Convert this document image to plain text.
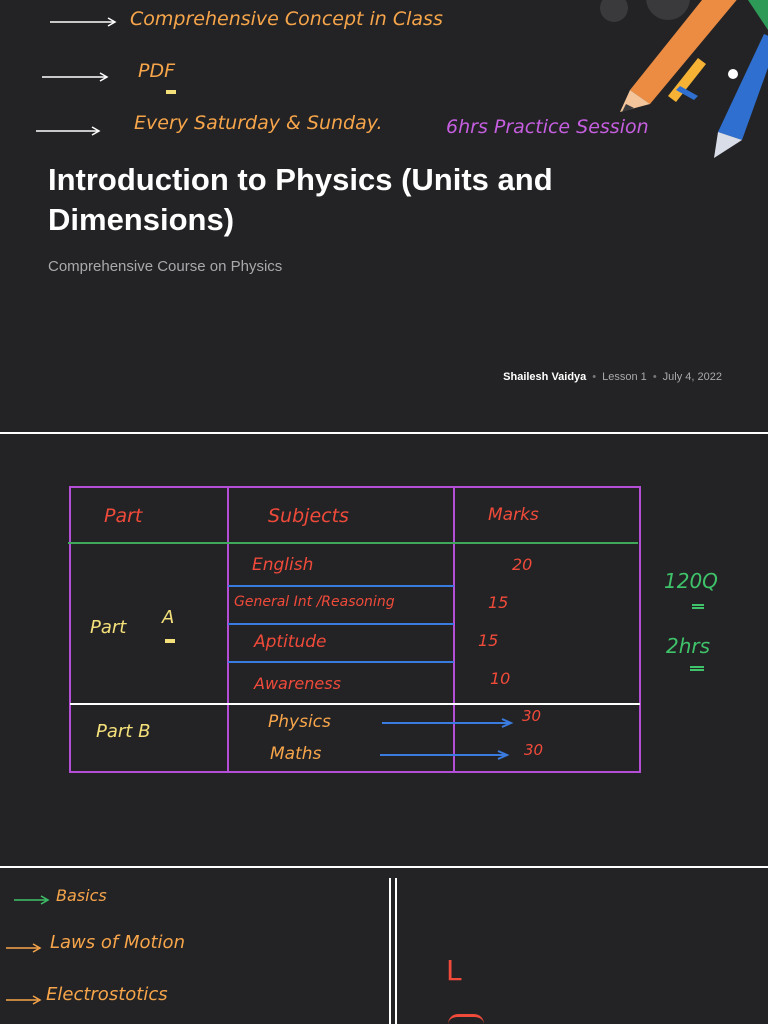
Comprehensive Concept in Class
PDF
Every Saturday & Sunday.	6hrs Practice Session
Introduction to Physics (Units and Dimensions)
Comprehensive Course on Physics
Shailesh Vaidya • Lesson 1 • July 4, 2022
Part	Subjects	Marks
Part A
English	20
General Int /Reasoning	15
Aptitude	15
Awareness	10
Part B	Physics	30
Maths	30
120Q
2hrs
Basics
Laws of Motion
Electrostotics
L
